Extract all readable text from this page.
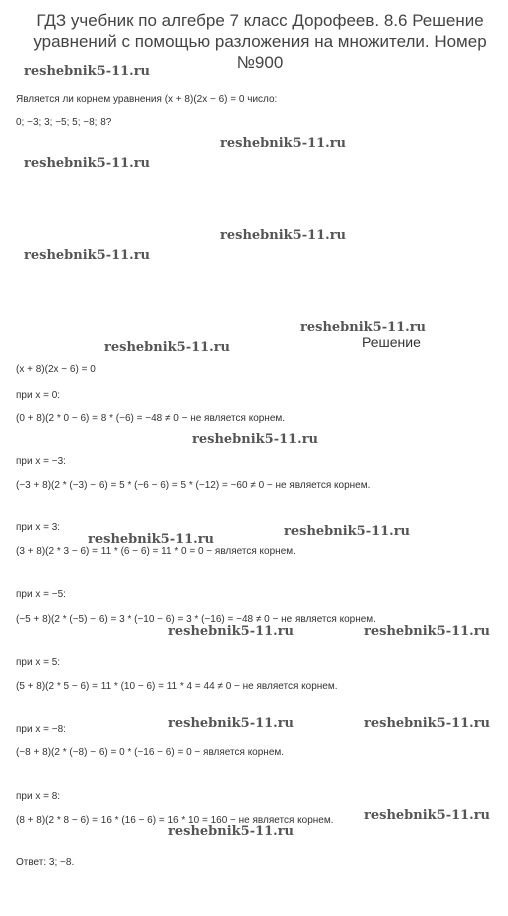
ГДЗ учебник по алгебре 7 класс Дорофеев. 8.6 Решение уравнений с помощью разложения на множители. Номер №900
Является ли корнем уравнения (x + 8)(2x − 6) = 0 число:
0; −3; 3; −5; 5; −8; 8?
Решение
(x + 8)(2x − 6) = 0
при x = 0:
(0 + 8)(2 * 0 − 6) = 8 * (−6) = −48 ≠ 0 − не является корнем.
при x = −3:
(−3 + 8)(2 * (−3) − 6) = 5 * (−6 − 6) = 5 * (−12) = −60 ≠ 0 − не является корнем.
при x = 3:
(3 + 8)(2 * 3 − 6) = 11 * (6 − 6) = 11 * 0 = 0 − является корнем.
при x = −5:
(−5 + 8)(2 * (−5) − 6) = 3 * (−10 − 6) = 3 * (−16) = −48 ≠ 0 − не является корнем.
при x = 5:
(5 + 8)(2 * 5 − 6) = 11 * (10 − 6) = 11 * 4 = 44 ≠ 0 − не является корнем.
при x = −8:
(−8 + 8)(2 * (−8) − 6) = 0 * (−16 − 6) = 0 − является корнем.
при x = 8:
(8 + 8)(2 * 8 − 6) = 16 * (16 − 6) = 16 * 10 = 160 − не является корнем.
Ответ: 3; −8.
reshebnik5-11.ru
reshebnik5-11.ru
reshebnik5-11.ru
reshebnik5-11.ru
reshebnik5-11.ru
reshebnik5-11.ru
reshebnik5-11.ru
reshebnik5-11.ru
reshebnik5-11.ru
reshebnik5-11.ru
reshebnik5-11.ru	reshebnik5-11.ru
reshebnik5-11.ru	reshebnik5-11.ru
reshebnik5-11.ru
reshebnik5-11.ru
